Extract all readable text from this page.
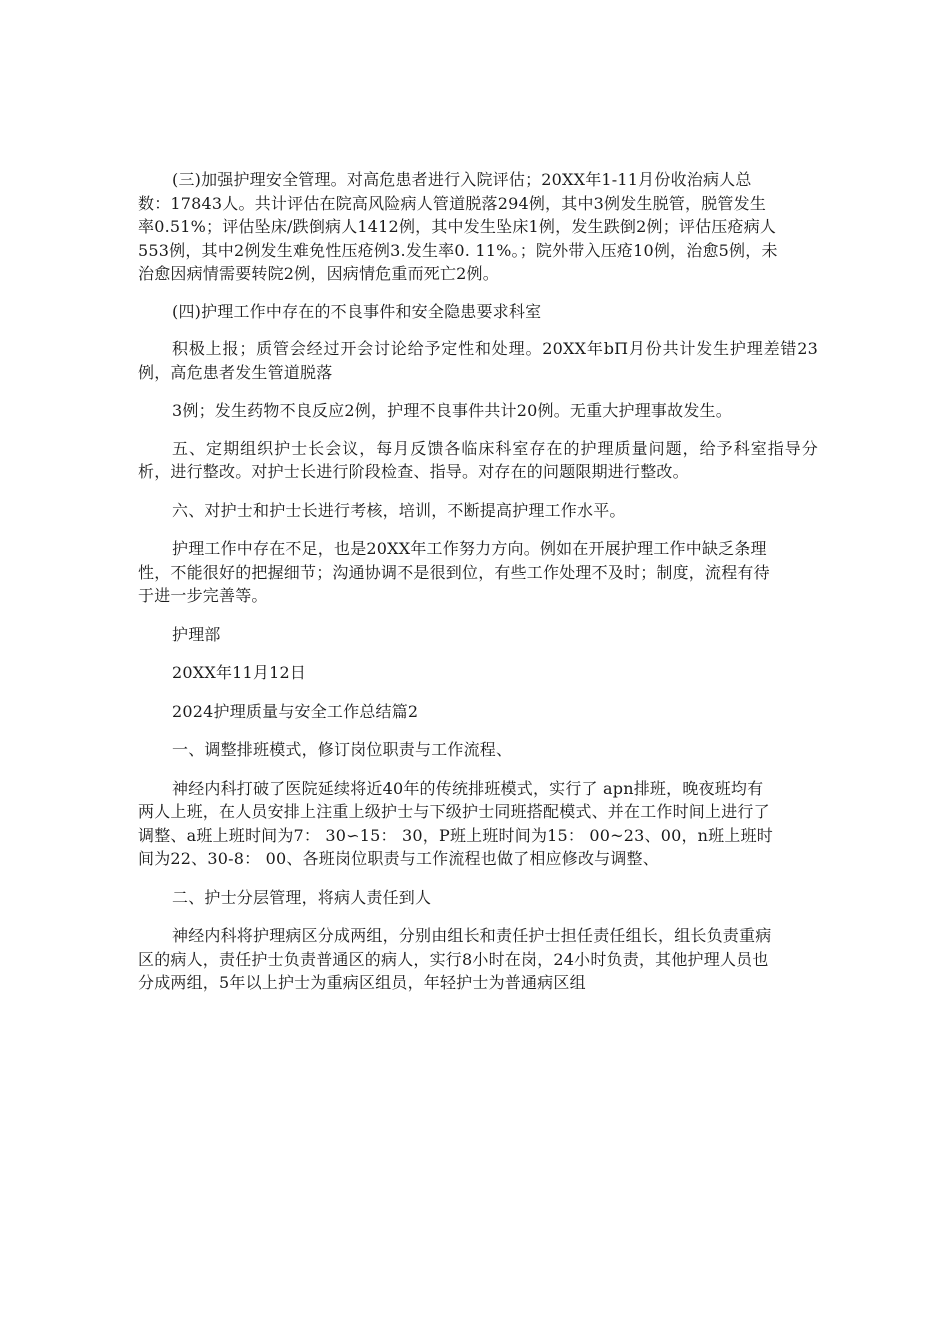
(三)加强护理安全管理。对高危患者进行入院评估；20XX年1-11月份收治病人总数：17843人。共计评估在院高风险病人管道脱落294例，其中3例发生脱管，脱管发生率0.51%；评估坠床/跌倒病人1412例，其中发生坠床1例，发生跌倒2例；评估压疮病人553例，其中2例发生难免性压疮例3.发生率0. 11%。；院外带入压疮10例，治愈5例，未治愈因病情需要转院2例，因病情危重而死亡2例。

(四)护理工作中存在的不良事件和安全隐患要求科室

积极上报；质管会经过开会讨论给予定性和处理。20XX年bΠ月份共计发生护理差错23例，高危患者发生管道脱落

3例；发生药物不良反应2例，护理不良事件共计20例。无重大护理事故发生。

五、定期组织护士长会议，每月反馈各临床科室存在的护理质量问题，给予科室指导分析，进行整改。对护士长进行阶段检查、指导。对存在的问题限期进行整改。

六、对护士和护士长进行考核，培训，不断提高护理工作水平。

护理工作中存在不足，也是20XX年工作努力方向。例如在开展护理工作中缺乏条理性，不能很好的把握细节；沟通协调不是很到位，有些工作处理不及时；制度，流程有待于进一步完善等。

护理部

20XX年11月12日

2024护理质量与安全工作总结篇2

一、调整排班模式，修订岗位职责与工作流程、

神经内科打破了医院延续将近40年的传统排班模式，实行了 apn排班，晚夜班均有两人上班，在人员安排上注重上级护士与下级护士同班搭配模式、并在工作时间上进行了调整、a班上班时间为7： 30∽15： 30，P班上班时间为15： 00~23、00，n班上班时间为22、30-8： 00、各班岗位职责与工作流程也做了相应修改与调整、

二、护士分层管理，将病人责任到人

神经内科将护理病区分成两组，分别由组长和责任护士担任责任组长，组长负责重病区的病人，责任护士负责普通区的病人，实行8小时在岗，24小时负责，其他护理人员也分成两组，5年以上护士为重病区组员，年轻护士为普通病区组
